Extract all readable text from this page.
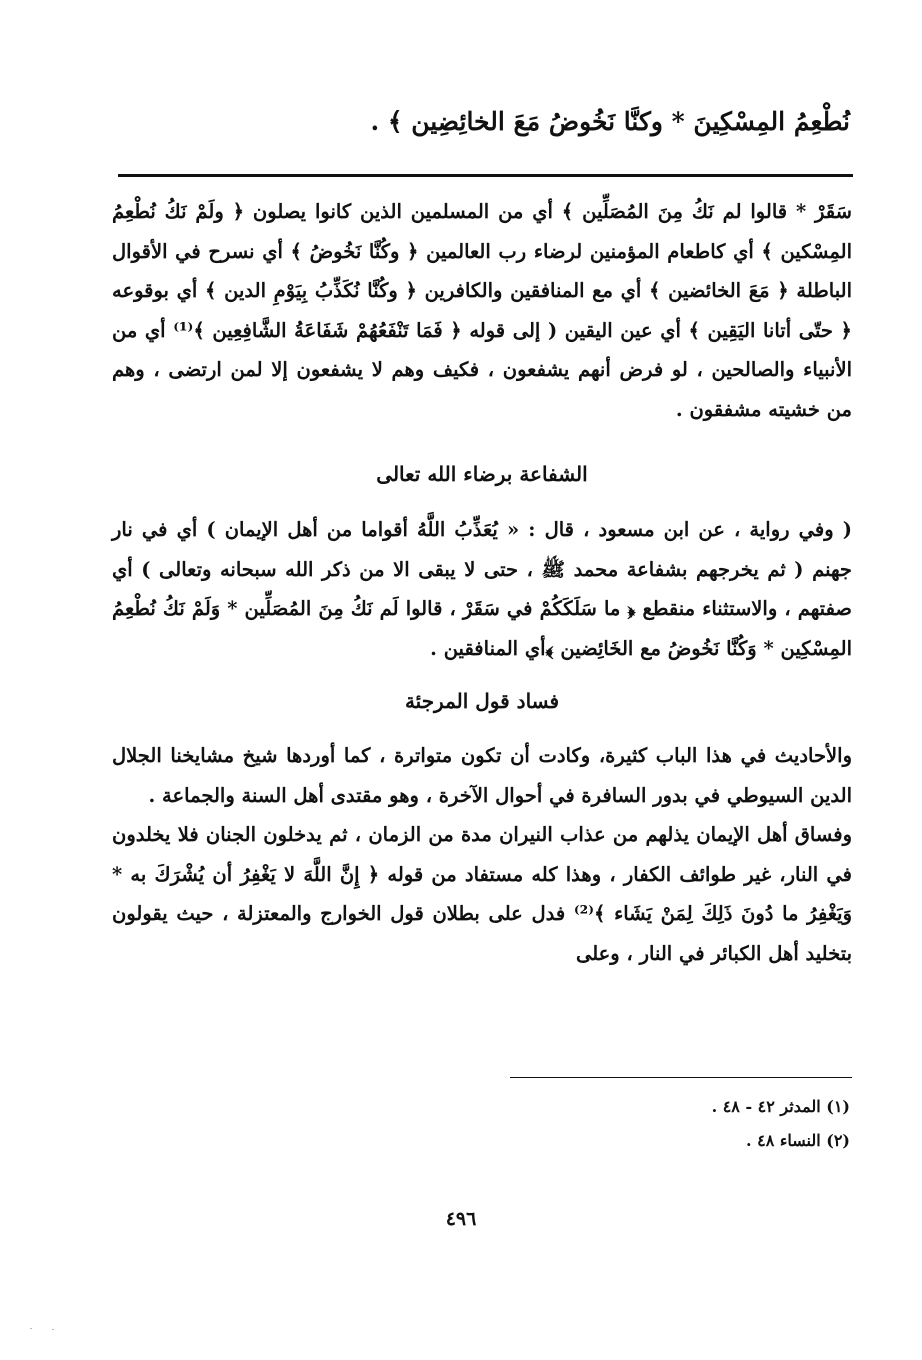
نُطْعِمُ المِسْكِينَ * وكنَّا نَخُوضُ مَعَ الخائِضِين ﴾ .

سَقَرْ * قالوا لم نَكُ مِنَ المُصَلِّين ﴾ أي من المسلمين الذين كانوا يصلون ﴿ ولَمْ نَكُ نُطْعِمُ المِسْكين ﴾ أي كاطعام المؤمنين لرضاء رب العالمين ﴿ وكُنَّا نَخُوضُ ﴾ أي نسرح في الأقوال الباطلة ﴿ مَعَ الخائضين ﴾ أي مع المنافقين والكافرين ﴿ وكُنَّا نُكَذِّبُ بِيَوْمِ الدين ﴾ أي بوقوعه ﴿ حتّى أتانا اليَقِين ﴾ أي عين اليقين ( إلى قوله ﴿ فَمَا تَنْفَعُهُمْ شَفَاعَةُ الشَّافِعِين ﴾⁽¹⁾ أي من الأنبياء والصالحين ، لو فرض أنهم يشفعون ، فكيف وهم لا يشفعون إلا لمن ارتضى ، وهم من خشيته مشفقون .

الشفاعة برضاء الله تعالى

( وفي رواية ، عن ابن مسعود ، قال : « يُعَذِّبُ اللَّهُ أقواما من أهل الإيمان ) أي في نار جهنم ( ثم يخرجهم بشفاعة محمد ﷺ ، حتى لا يبقى الا من ذكر الله سبحانه وتعالى ) أي صفتهم ، والاستثناء منقطع ﴿ ما سَلَكَكُمْ في سَقَرْ ، قالوا لَم نَكُ مِنَ المُصَلِّين * وَلَمْ نَكُ نُطْعِمُ المِسْكِين * وَكُنَّا نَخُوضُ مع الخَائِضين ﴾أي المنافقين .

فساد قول المرجئة

والأحاديث في هذا الباب كثيرة، وكادت أن تكون متواترة ، كما أوردها شيخ مشايخنا الجلال الدين السيوطي في بدور السافرة في أحوال الآخرة ، وهو مقتدى أهل السنة والجماعة .

وفساق أهل الإيمان يذلهم من عذاب النيران مدة من الزمان ، ثم يدخلون الجنان فلا يخلدون في النار، غير طوائف الكفار ، وهذا كله مستفاد من قوله ﴿ إِنَّ اللَّهَ لا يَغْفِرُ أن يُشْرَكَ به * وَيَغْفِرُ ما دُونَ ذَلِكَ لِمَنْ يَشَاء ﴾⁽²⁾ فدل على بطلان قول الخوارج والمعتزلة ، حيث يقولون بتخليد أهل الكبائر في النار ، وعلى

(١) المدثر ٤٢ - ٤٨ .

(٢) النساء ٤٨ .

٤٩٦
